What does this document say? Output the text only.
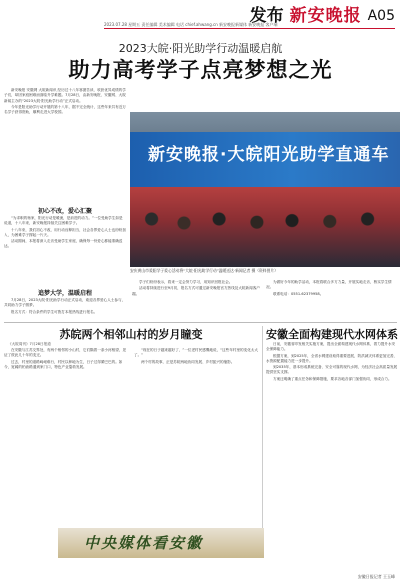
发布 新安晚报 A05
2023.07.28 星期五 责任编辑 美术编辑 电话 chief.ahwang.cn 新安晚报新媒体 新安晚报 客户端
2023大皖·阳光助学行动温暖启航
助力高考学子点亮梦想之光

新安晚报 安徽网 大皖新闻讯 经历过十八年寒窗苦读，收获优异成绩的学子们，却因家庭困难而面临升学难题。7月28日，由新安晚报、安徽网、大皖新闻主办的“2023大皖·阳光助学行动”正式启动。

今年是阳光助学行动开展的第十八年，据不完全统计，这些年来共有近万名学子获得资助，顺利走进大学校园。

初心不改，爱心汇聚

“为求职的杨家，阳光行动是暖流，是前进的动力。”一位受助学生如是说道，十八年来，新安晚报持续关注困难学子。

十八年来，我们初心不改，用行动诠释担当，社会各界爱心人士也纷纷加入，为困难学子撑起一片天。

活动期间，本报将深入走访受助学生家庭，确保每一份爱心都能准确送达。

追梦大学，温暖启程

7月28日，2023大皖·阳光助学行动正式启动，欢迎各界爱心人士参与，共同助力学子圆梦。

报名方式：符合条件的学生可拨打本报热线进行报名。

新安晚报·大皖阳光助学直通车
安庆黄山市爱阳学子爱心活动将“大皖·阳光助学行动”温暖送达·新闻记者 摄（资料图片）

学子们纷纷表示，将来一定会努力学习，用知识回报社会。

活动将持续进行至9月初，报名方式可通过新安晚报官方热线及大皖新闻客户端。

为做好今年的助学活动，本报将联合多方力量，开展实地走访，核实学生情况。

联系电话：0551-62379958。

苏皖两个相邻山村的岁月瞳变
《大皖周刊》7月28日报道

在安徽与江苏交界处，有两个相邻的小山村，它们隔着一条小河相望，见证了彼此几十年的变迁。

过去，村里的道路崎岖难行，村民以种地为生，日子过得紧巴巴的。如今，宽阔的柏油路通到家门口，特色产业蓬勃发展。

“现在的日子越来越好了，”一位老村民感慨地说，“这些年村里的变化太大了。”

两个村的故事，正是苏皖两地协同发展、乡村振兴的缩影。

安徽全面构建现代水网体系

日前，安徽省印发相关实施方案，提出全面构建现代水网体系，着力提升水安全保障能力。

根据方案，到2025年，全省水网建设取得重要进展，防洪减灾体系更加完善，水资源配置能力进一步提升。

到2035年，基本形成系统完备、安全可靠的现代水网，为经济社会高质量发展提供坚实支撑。

方案还明确了重点任务和保障措施，要求各地各部门加强协同，形成合力。

中央媒体看安徽
安徽日报记者 王玉峰
